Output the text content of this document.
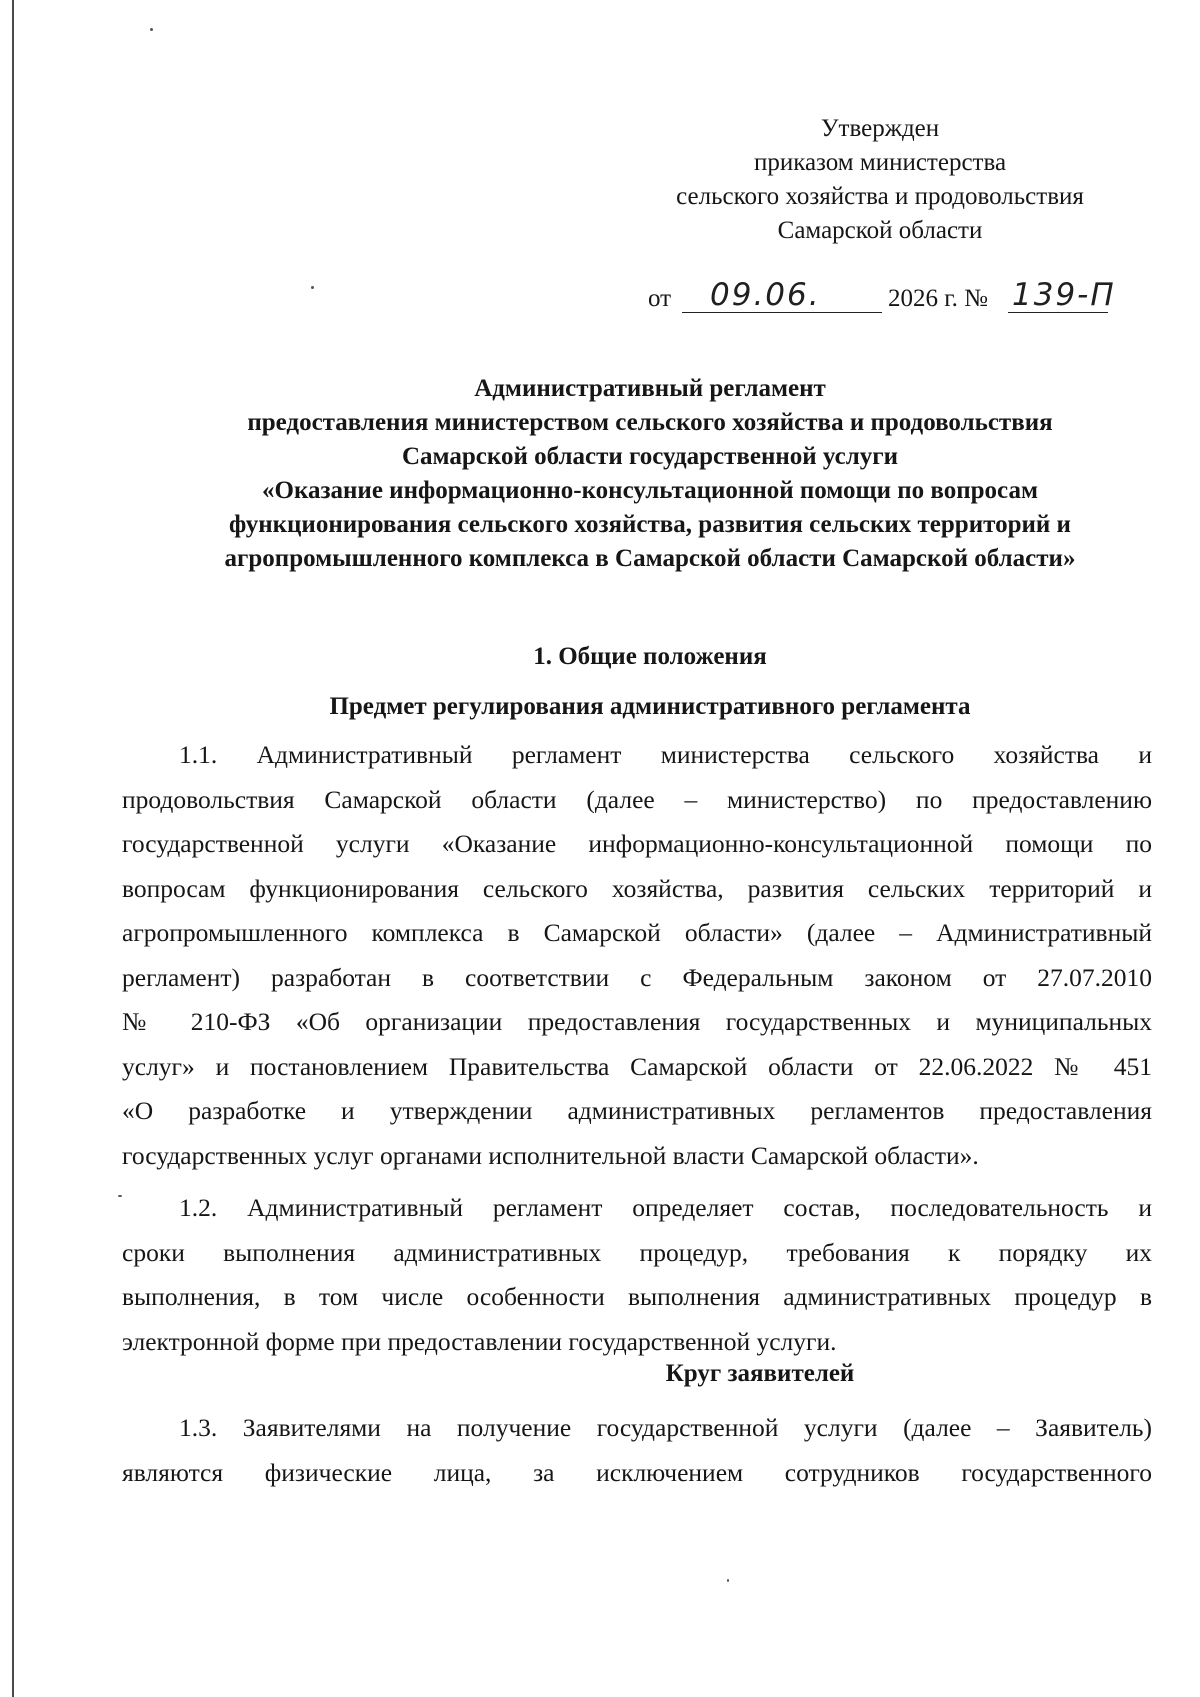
Утвержден
приказом министерства
сельского хозяйства и продовольствия
Самарской области
от 09.06.	2026 г. № 139-П
Административный регламент
предоставления министерством сельского хозяйства и продовольствия
Самарской области государственной услуги
«Оказание информационно-консультационной помощи по вопросам
функционирования сельского хозяйства, развития сельских территорий и
агропромышленного комплекса в Самарской области Самарской области»
1. Общие положения
Предмет регулирования административного регламента
1.1. Административный регламент министерства сельского хозяйства и
продовольствия Самарской области (далее – министерство) по предоставлению
государственной услуги «Оказание информационно-консультационной помощи по
вопросам функционирования сельского хозяйства, развития сельских территорий и
агропромышленного комплекса в Самарской области» (далее – Административный
регламент) разработан в соответствии с Федеральным законом от 27.07.2010
№ 210-ФЗ «Об организации предоставления государственных и муниципальных
услуг» и постановлением Правительства Самарской области от 22.06.2022 № 451
«О разработке и утверждении административных регламентов предоставления
государственных услуг органами исполнительной власти Самарской области».
1.2. Административный регламент определяет состав, последовательность и
сроки выполнения административных процедур, требования к порядку их
выполнения, в том числе особенности выполнения административных процедур в
электронной форме при предоставлении государственной услуги.
Круг заявителей
1.3. Заявителями на получение государственной услуги (далее – Заявитель)
являются физические лица, за исключением сотрудников государственного
